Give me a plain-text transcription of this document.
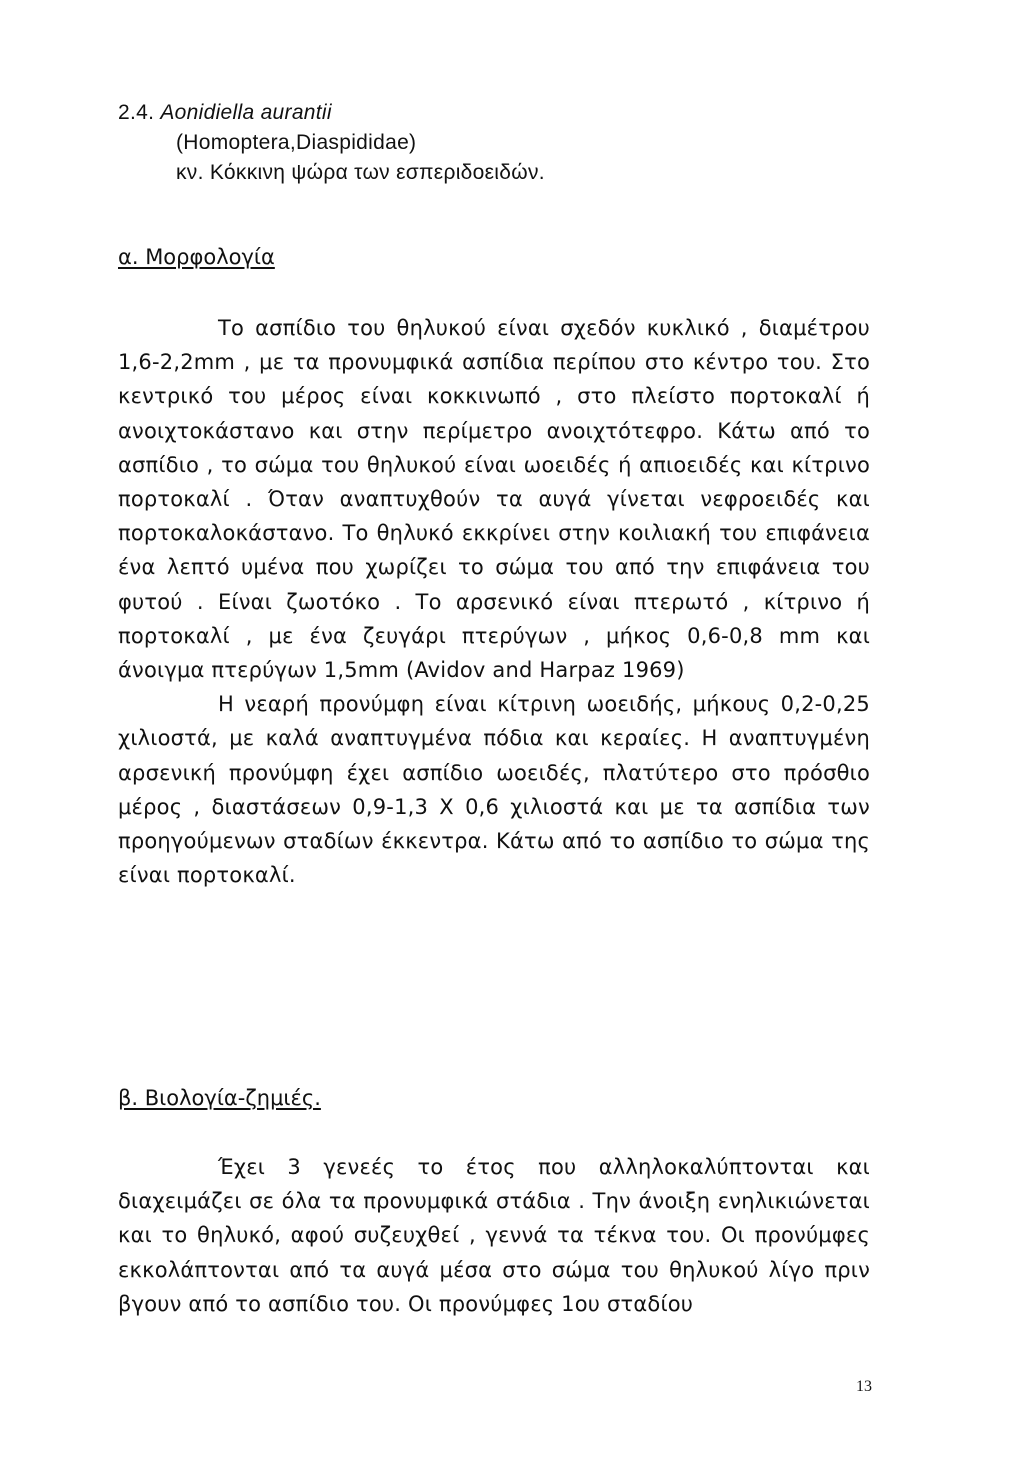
2.4. Aonidiella aurantii
(Homoptera,Diaspididae)
κν. Κόκκινη ψώρα των εσπεριδοειδών.
α. Μορφολογία

Το ασπίδιο του θηλυκού είναι σχεδόν κυκλικό , διαμέτρου 1,6-2,2mm , με τα προνυμφικά ασπίδια περίπου στο κέντρο του. Στο κεντρικό του μέρος είναι κοκκινωπό , στο πλείστο πορτοκαλί ή ανοιχτοκάστανο και στην περίμετρο ανοιχτότεφρο. Κάτω από το ασπίδιο , το σώμα του θηλυκού είναι ωοειδές ή απιοειδές και κίτρινο πορτοκαλί . Όταν αναπτυχθούν τα αυγά γίνεται νεφροειδές και πορτοκαλοκάστανο. Το θηλυκό εκκρίνει στην κοιλιακή του επιφάνεια ένα λεπτό υμένα που χωρίζει το σώμα του από την επιφάνεια του φυτού . Είναι ζωοτόκο . Το αρσενικό είναι πτερωτό , κίτρινο ή πορτοκαλί , με ένα ζευγάρι πτερύγων , μήκος 0,6-0,8 mm και άνοιγμα πτερύγων 1,5mm (Avidov and Harpaz 1969)

Η νεαρή προνύμφη είναι κίτρινη ωοειδής, μήκους 0,2-0,25 χιλιοστά, με καλά αναπτυγμένα πόδια και κεραίες. Η αναπτυγμένη αρσενική προνύμφη έχει ασπίδιο ωοειδές, πλατύτερο στο πρόσθιο μέρος , διαστάσεων 0,9-1,3 Χ 0,6 χιλιοστά και με τα ασπίδια των προηγούμενων σταδίων έκκεντρα. Κάτω από το ασπίδιο το σώμα της είναι πορτοκαλί.

β. Βιολογία-ζημιές.

Έχει 3 γενεές το έτος που αλληλοκαλύπτονται και διαχειμάζει σε όλα τα προνυμφικά στάδια . Την άνοιξη ενηλικιώνεται και το θηλυκό, αφού συζευχθεί , γεννά τα τέκνα του. Οι προνύμφες εκκολάπτονται από τα αυγά μέσα στο σώμα του θηλυκού λίγο πριν βγουν από το ασπίδιο του. Οι προνύμφες 1ου σταδίου

13
